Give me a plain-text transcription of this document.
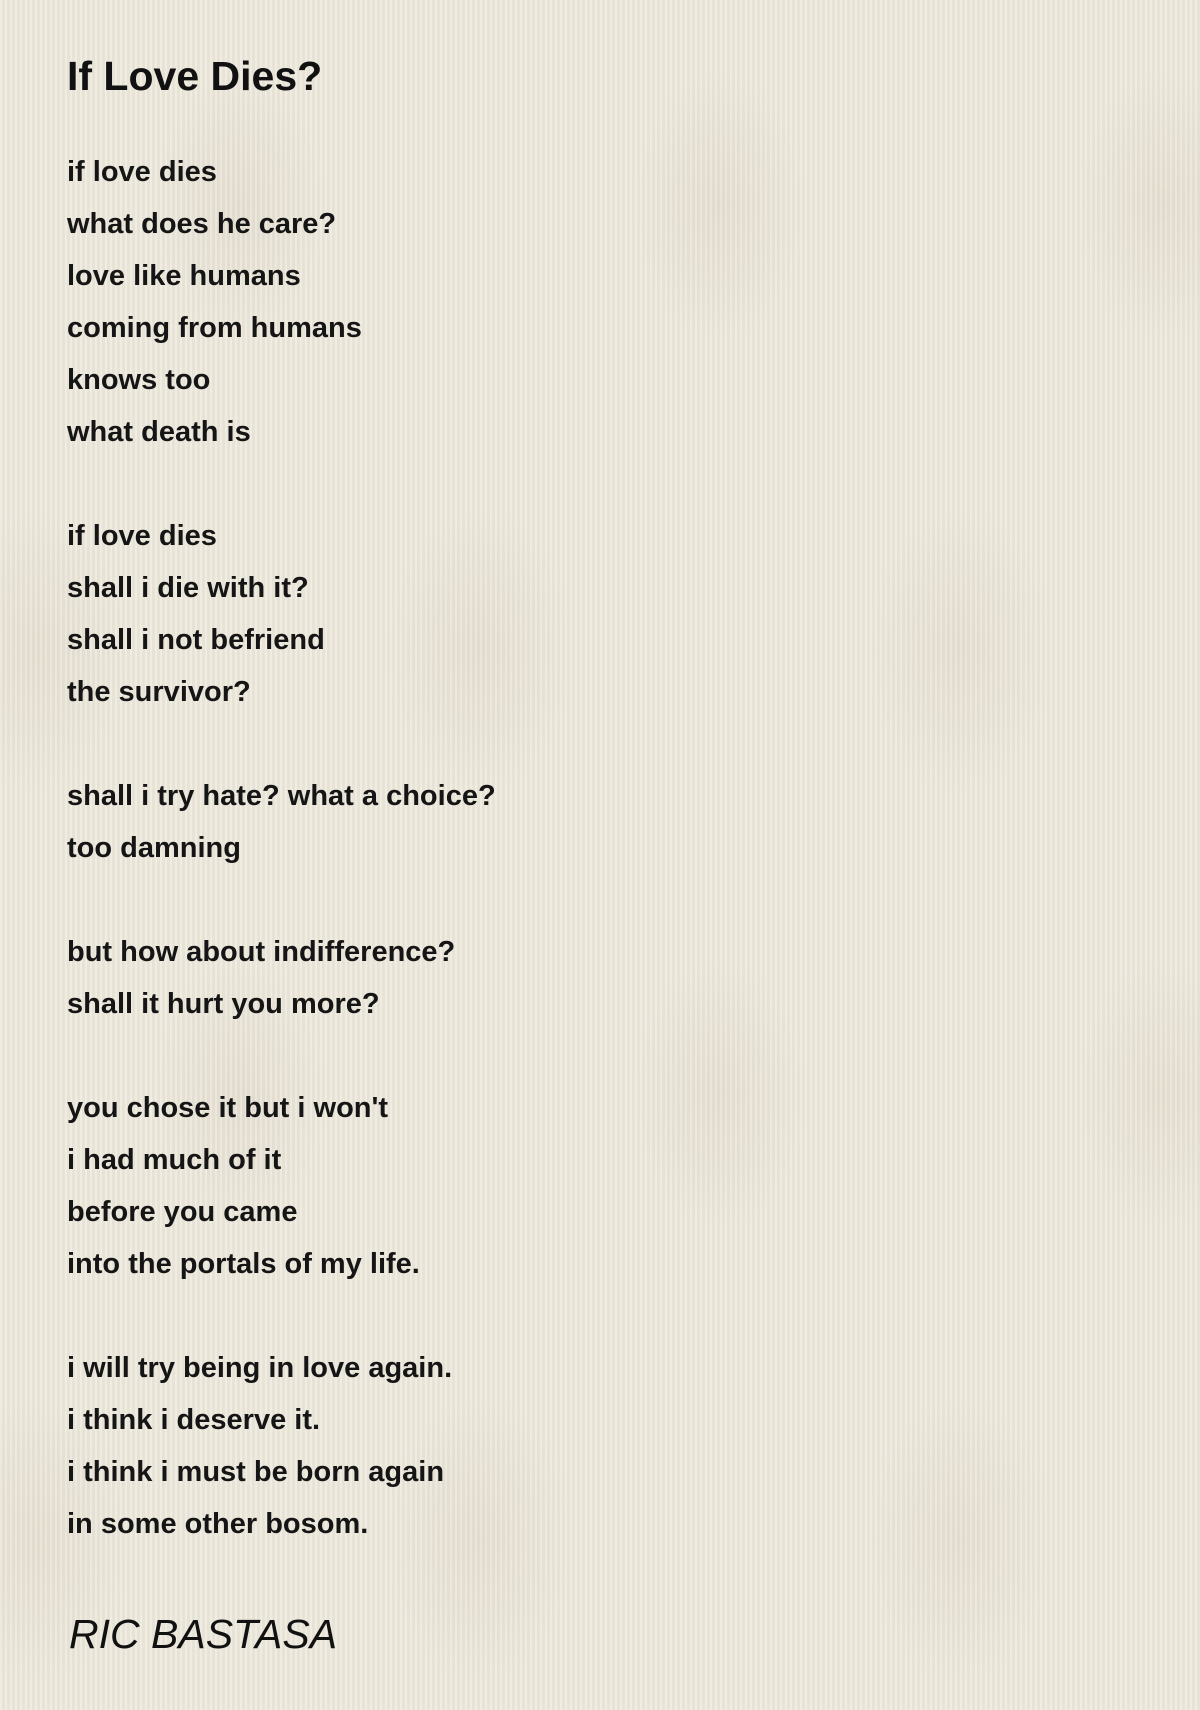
If Love Dies?
if love dies
what does he care?
love like humans
coming from humans
knows too
what death is
if love dies
shall i die with it?
shall i not befriend
the survivor?
shall i try hate? what a choice?
too damning
but how about indifference?
shall it hurt you more?
you chose it but i won't
i had much of it
before you came
into the portals of my life.
i will try being in love again.
i think i deserve it.
i think i must be born again
in some other bosom.
RIC BASTASA
